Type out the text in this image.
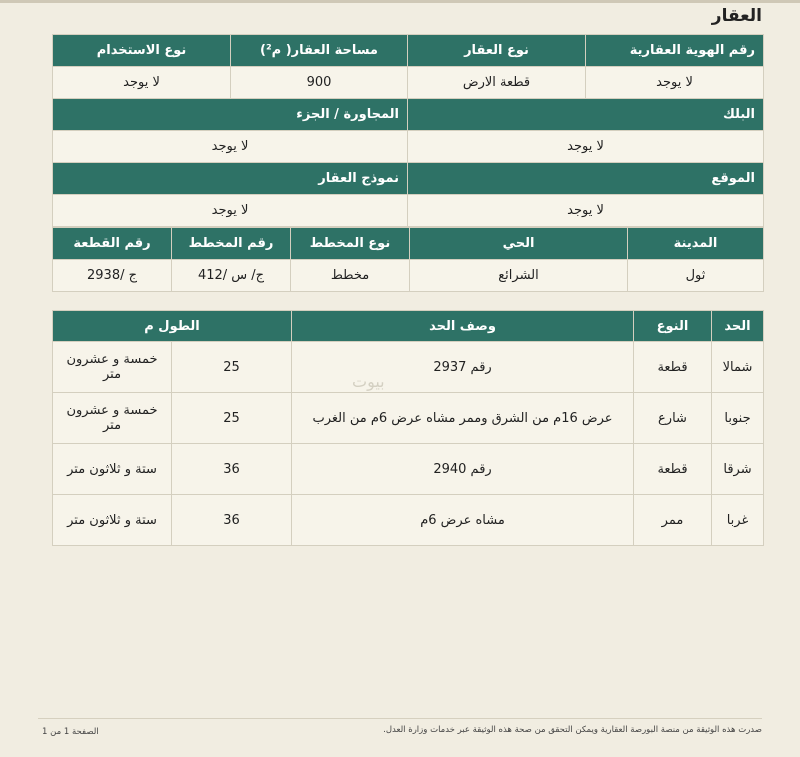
العقار
رقم الهوية العقارية	نوع العقار	مساحة العقار( م²)	نوع الاستخدام
لا يوجد	قطعة الارض	900	لا يوجد
البلك		المجاورة / الجزء	
لا يوجد		لا يوجد	
الموقع		نموذج العقار	
لا يوجد		لا يوجد	
المدينة	الحي	نوع المخطط	رقم المخطط	رقم القطعة
ثول	الشرائع	مخطط	ج/ س /412	ج /2938
الحد	النوع	وصف الحد	الطول م	
شمالا	قطعة	رقم 2937	25	خمسة و عشرون متر
جنوبا	شارع	عرض 16م من الشرق وممر مشاه عرض 6م من الغرب	25	خمسة و عشرون متر
شرقا	قطعة	رقم 2940	36	ستة و ثلاثون متر
غربا	ممر	مشاه عرض 6م	36	ستة و ثلاثون متر
بيوت
صدرت هذه الوثيقة من منصة البورصة العقارية ويمكن التحقق من صحة هذه الوثيقة عبر خدمات وزارة العدل.
الصفحة 1 من 1
